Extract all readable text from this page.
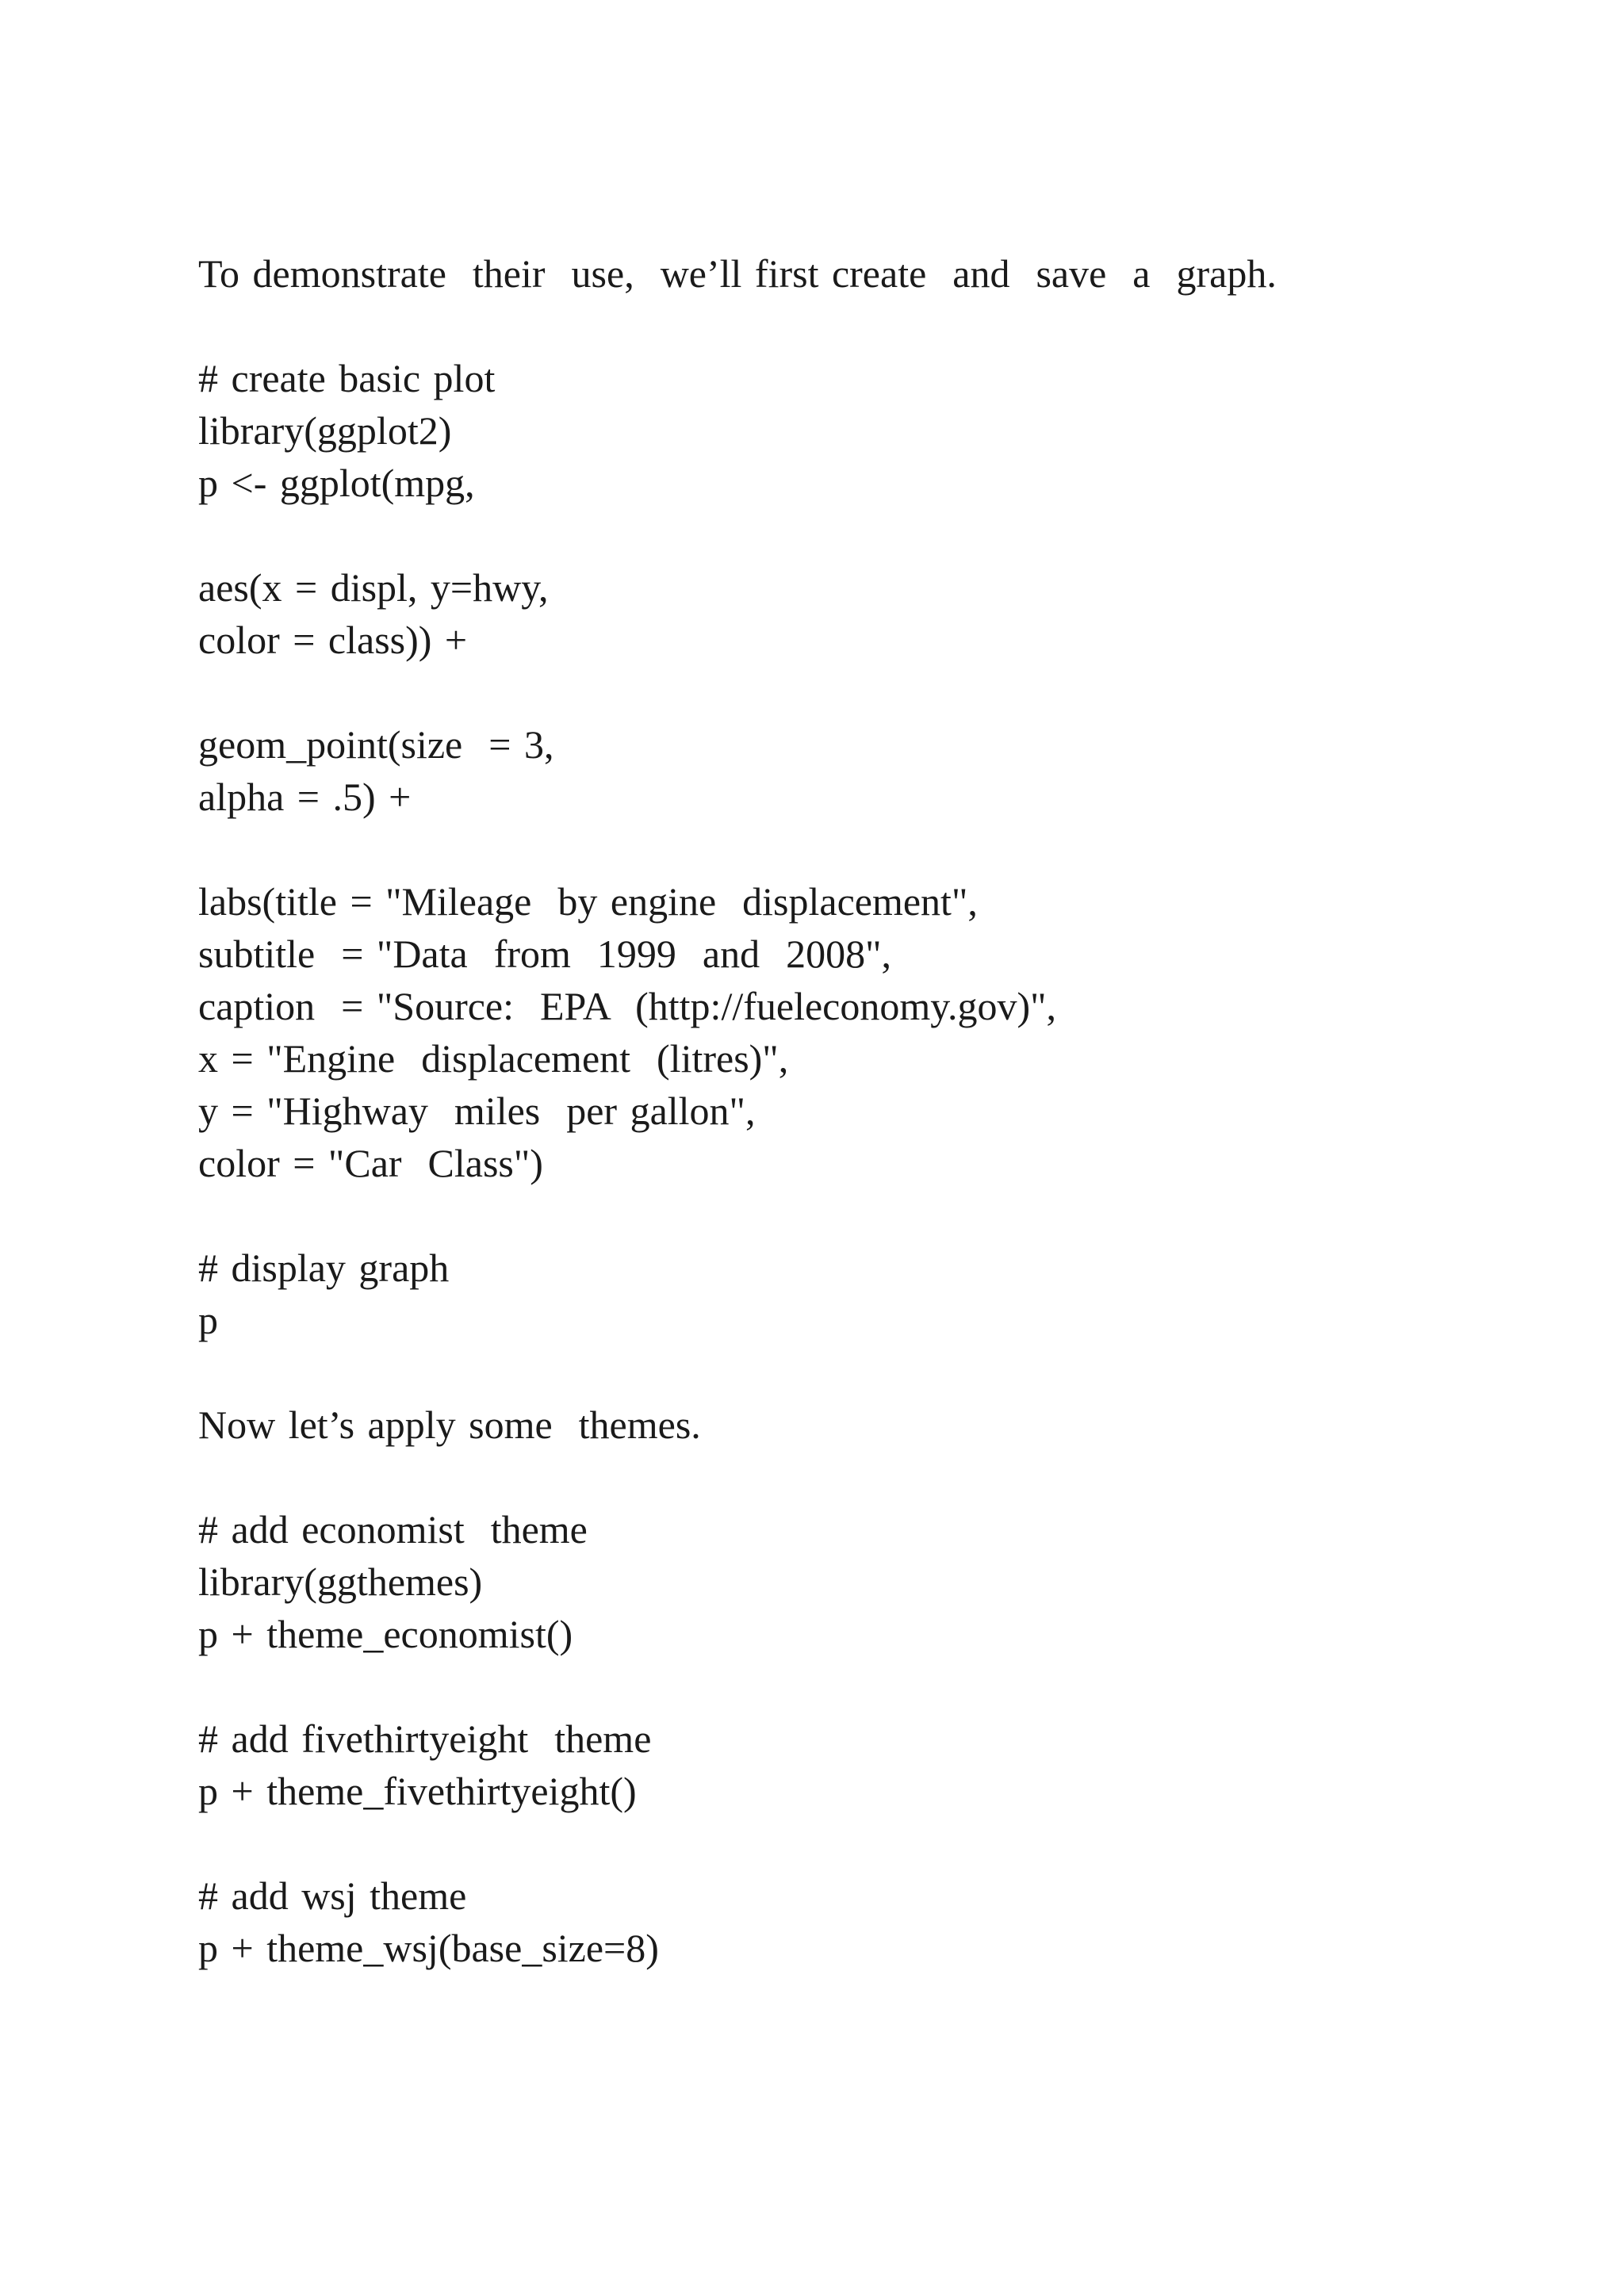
To demonstrate  their  use,  we’ll first create  and  save  a  graph.
# create basic plot
library(ggplot2)
p <- ggplot(mpg,
aes(x = displ, y=hwy,
color = class)) +
geom_point(size  = 3,
alpha = .5) +
labs(title = "Mileage  by engine  displacement",
subtitle  = "Data  from  1999  and  2008",
caption  = "Source:  EPA  (http://fueleconomy.gov)",
x = "Engine  displacement  (litres)",
y = "Highway  miles  per gallon",
color = "Car  Class")
# display graph
p
Now let’s apply some  themes.
# add economist  theme
library(ggthemes)
p + theme_economist()
# add fivethirtyeight  theme
p + theme_fivethirtyeight()
# add wsj theme
p + theme_wsj(base_size=8)
